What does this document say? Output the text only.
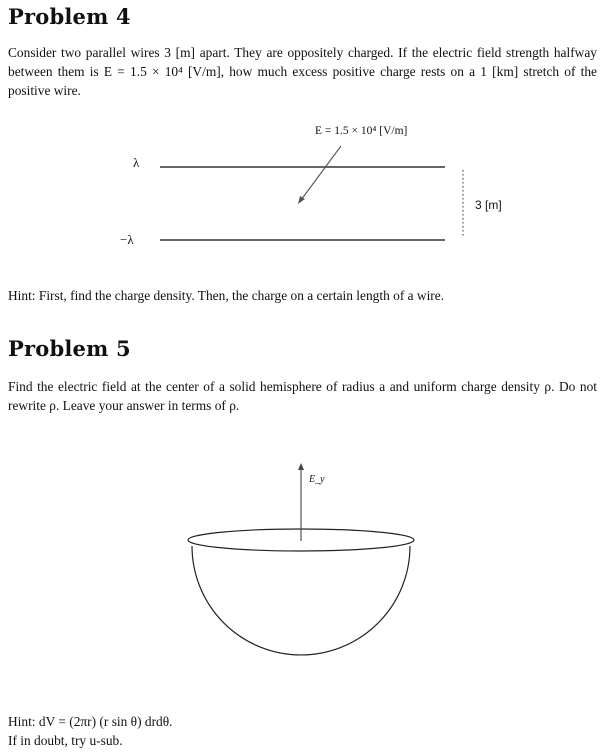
Problem 4

Consider two parallel wires 3 [m] apart. They are oppositely charged. If the electric field strength halfway between them is E = 1.5 × 10⁴ [V/m], how much excess positive charge rests on a 1 [km] stretch of the positive wire.

E = 1.5 × 10⁴ [V/m]
λ
−λ
3 [m]

Hint: First, find the charge density. Then, the charge on a certain length of a wire.

Problem 5

Find the electric field at the center of a solid hemisphere of radius a and uniform charge density ρ. Do not rewrite ρ. Leave your answer in terms of ρ.

E_y

Hint: dV = (2πr) (r sin θ) drdθ.

If in doubt, try u-sub.
